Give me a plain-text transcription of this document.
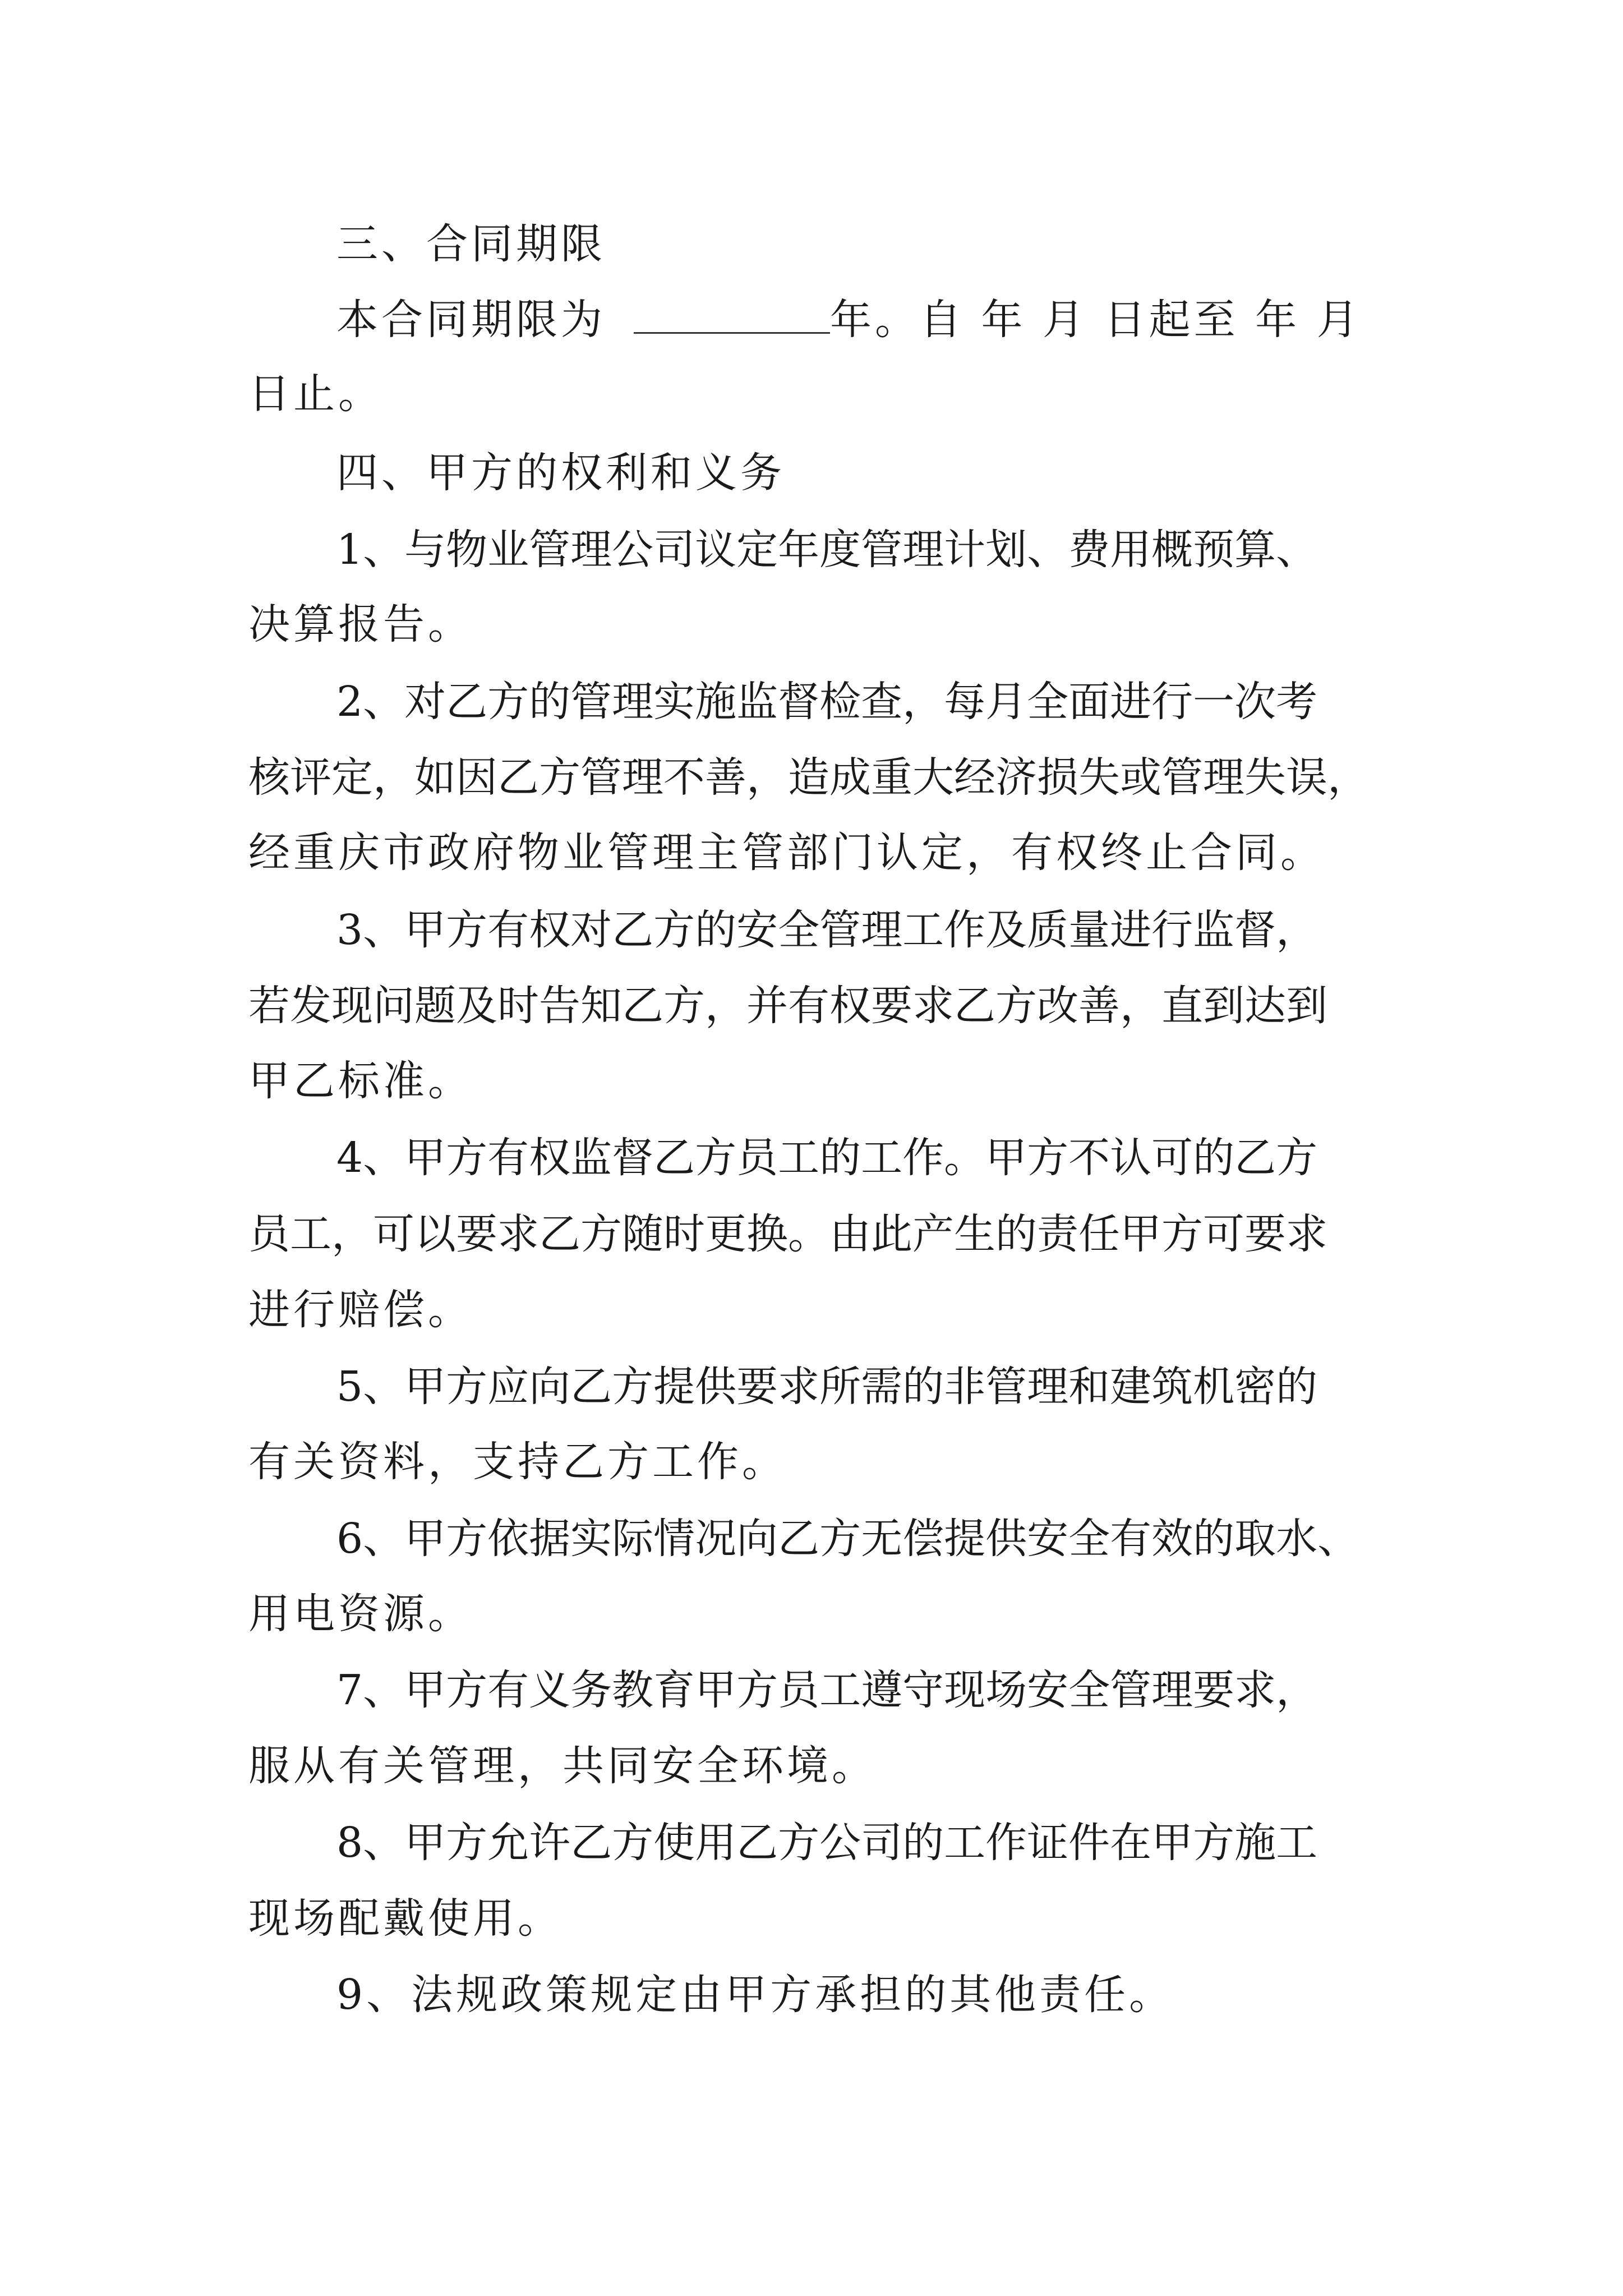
三、合同期限
本合同期限为	年。自 年 月 日起至 年 月
日止。
四、甲方的权利和义务
1、与物业管理公司议定年度管理计划、费用概预算、
决算报告。
2、对乙方的管理实施监督检查，每月全面进行一次考
核评定，如因乙方管理不善，造成重大经济损失或管理失误，
经重庆市政府物业管理主管部门认定，有权终止合同。
3、甲方有权对乙方的安全管理工作及质量进行监督，
若发现问题及时告知乙方，并有权要求乙方改善，直到达到
甲乙标准。
4、甲方有权监督乙方员工的工作。甲方不认可的乙方
员工，可以要求乙方随时更换。由此产生的责任甲方可要求
进行赔偿。
5、甲方应向乙方提供要求所需的非管理和建筑机密的
有关资料，支持乙方工作。
6、甲方依据实际情况向乙方无偿提供安全有效的取水、
用电资源。
7、甲方有义务教育甲方员工遵守现场安全管理要求，
服从有关管理，共同安全环境。
8、甲方允许乙方使用乙方公司的工作证件在甲方施工
现场配戴使用。
9、法规政策规定由甲方承担的其他责任。
